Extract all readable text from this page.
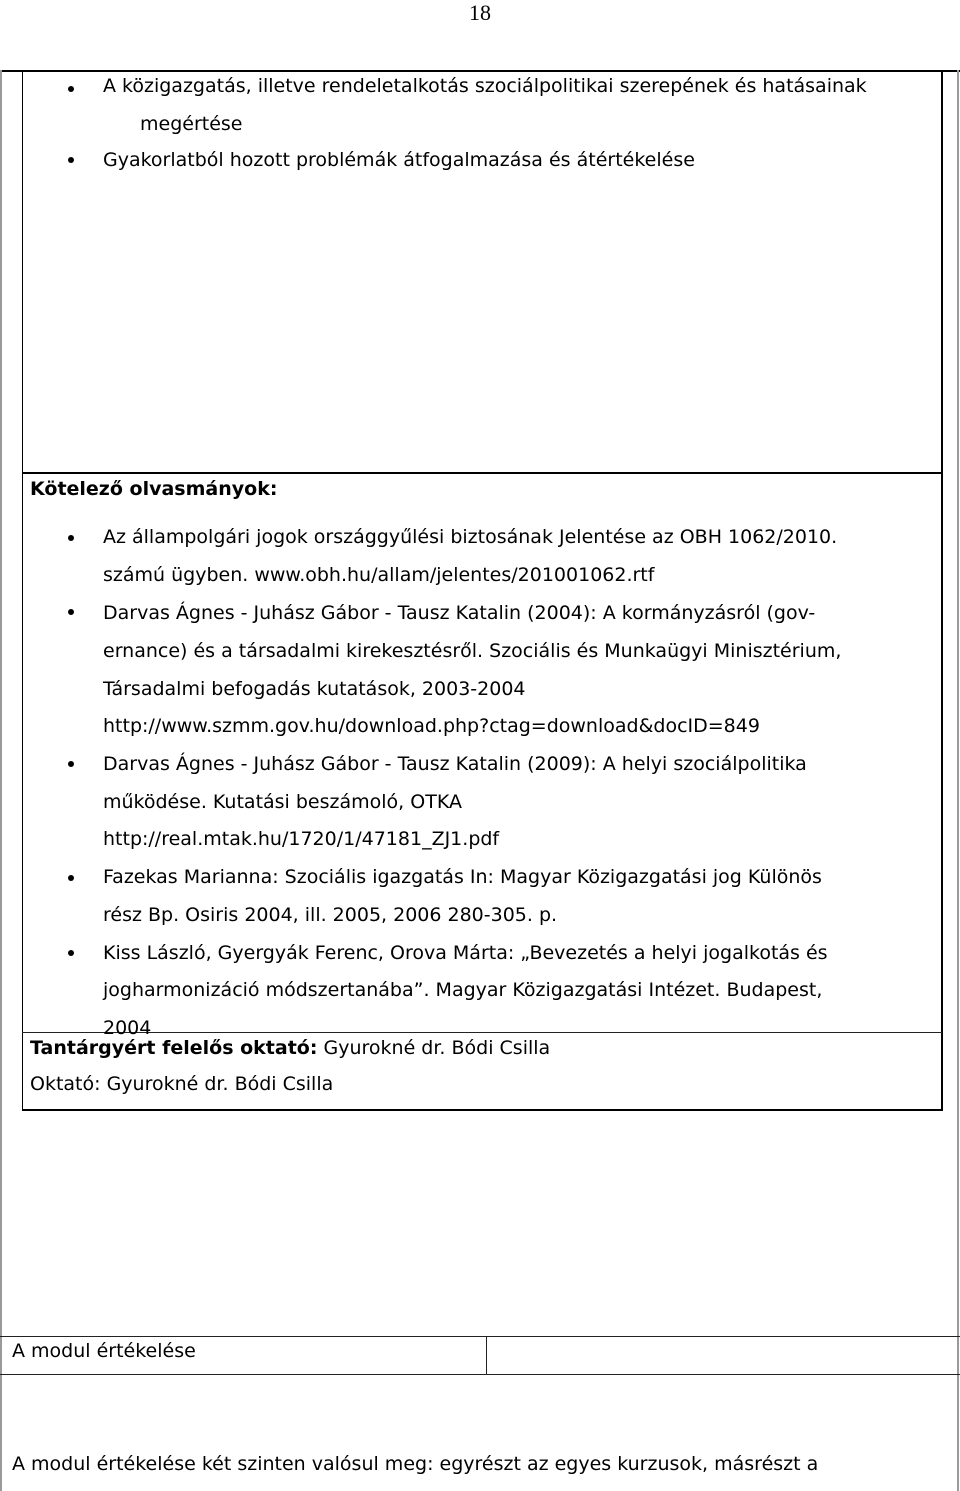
18
A közigazgatás, illetve rendeletalkotás szociálpolitikai szerepének és hatásainak
megértése
Gyakorlatból hozott problémák átfogalmazása és átértékelése
Kötelező olvasmányok:
Az állampolgári jogok országgyűlési biztosának Jelentése az OBH 1062/2010.
számú ügyben. www.obh.hu/allam/jelentes/201001062.rtf
Darvas Ágnes - Juhász Gábor - Tausz Katalin (2004): A kormányzásról (gov-
ernance) és a társadalmi kirekesztésről. Szociális és Munkaügyi Minisztérium,
Társadalmi befogadás kutatások, 2003-2004
http://www.szmm.gov.hu/download.php?ctag=download&docID=849
Darvas Ágnes - Juhász Gábor - Tausz Katalin (2009): A helyi szociálpolitika
működése. Kutatási beszámoló, OTKA
http://real.mtak.hu/1720/1/47181_ZJ1.pdf
Fazekas Marianna: Szociális igazgatás In: Magyar Közigazgatási jog Különös
rész Bp. Osiris 2004, ill. 2005, 2006 280-305. p.
Kiss László, Gyergyák Ferenc, Orova Márta: „Bevezetés a helyi jogalkotás és
jogharmonizáció módszertanába”. Magyar Közigazgatási Intézet. Budapest,
2004
Tantárgyért felelős oktató: Gyurokné dr. Bódi Csilla
Oktató: Gyurokné dr. Bódi Csilla
A modul értékelése
A modul értékelése két szinten valósul meg: egyrészt az egyes kurzusok, másrészt a
